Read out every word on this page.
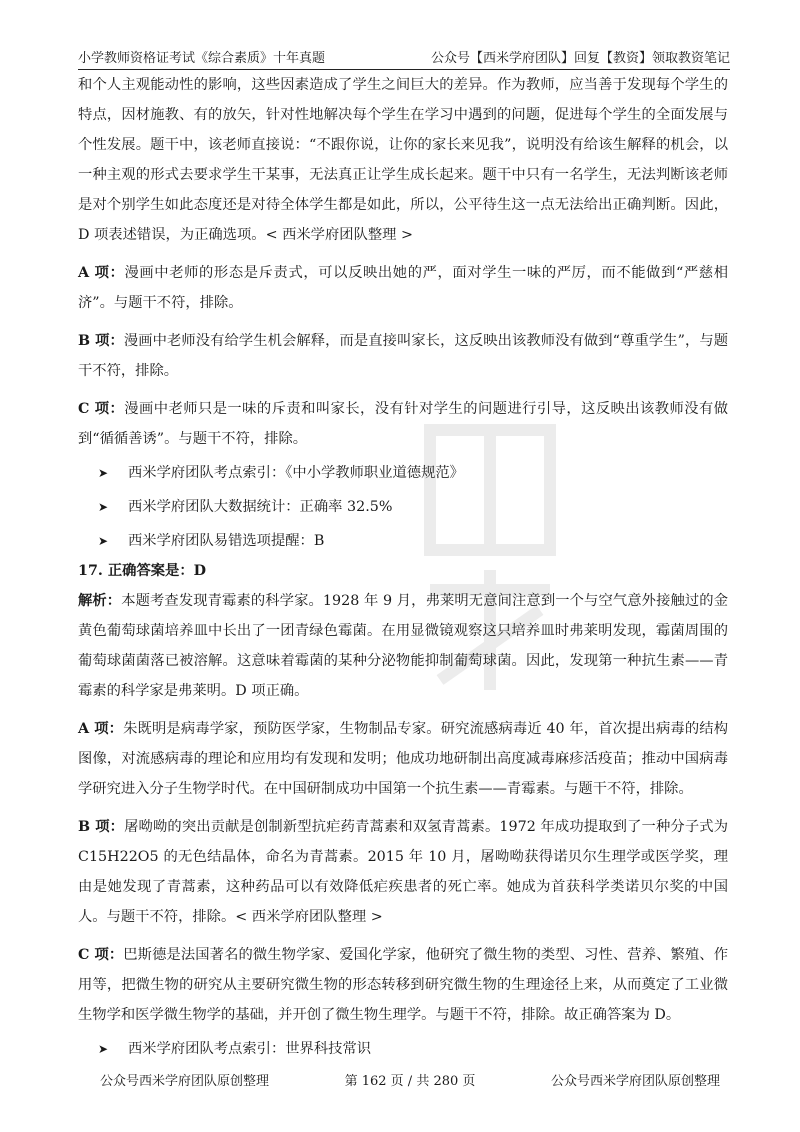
小学教师资格证考试《综合素质》十年真题	公众号【西米学府团队】回复【教资】领取教资笔记

和个人主观能动性的影响，这些因素造成了学生之间巨大的差异。作为教师，应当善于发现每个学生的特点，因材施教、有的放矢，针对性地解决每个学生在学习中遇到的问题，促进每个学生的全面发展与个性发展。题干中，该老师直接说：“不跟你说，让你的家长来见我”，说明没有给该生解释的机会，以一种主观的形式去要求学生干某事，无法真正让学生成长起来。题干中只有一名学生，无法判断该老师是对个别学生如此态度还是对待全体学生都是如此，所以，公平待生这一点无法给出正确判断。因此，D 项表述错误，为正确选项。< 西米学府团队整理 >

A 项：漫画中老师的形态是斥责式，可以反映出她的严，面对学生一味的严厉，而不能做到“严慈相济”。与题干不符，排除。

B 项：漫画中老师没有给学生机会解释，而是直接叫家长，这反映出该教师没有做到“尊重学生”，与题干不符，排除。

C 项：漫画中老师只是一味的斥责和叫家长，没有针对学生的问题进行引导，这反映出该教师没有做到“循循善诱”。与题干不符，排除。

➤	西米学府团队考点索引：《中小学教师职业道德规范》
➤	西米学府团队大数据统计：正确率 32.5%
➤	西米学府团队易错选项提醒：B

17. 正确答案是：D

解析：本题考查发现青霉素的科学家。1928 年 9 月，弗莱明无意间注意到一个与空气意外接触过的金黄色葡萄球菌培养皿中长出了一团青绿色霉菌。在用显微镜观察这只培养皿时弗莱明发现，霉菌周围的葡萄球菌菌落已被溶解。这意味着霉菌的某种分泌物能抑制葡萄球菌。因此，发现第一种抗生素——青霉素的科学家是弗莱明。D 项正确。

A 项：朱既明是病毒学家，预防医学家，生物制品专家。研究流感病毒近 40 年，首次提出病毒的结构图像，对流感病毒的理论和应用均有发现和发明；他成功地研制出高度减毒麻疹活疫苗；推动中国病毒学研究进入分子生物学时代。在中国研制成功中国第一个抗生素——青霉素。与题干不符，排除。

B 项：屠呦呦的突出贡献是创制新型抗疟药青蒿素和双氢青蒿素。1972 年成功提取到了一种分子式为 C15H22O5 的无色结晶体，命名为青蒿素。2015 年 10 月，屠呦呦获得诺贝尔生理学或医学奖，理由是她发现了青蒿素，这种药品可以有效降低疟疾患者的死亡率。她成为首获科学类诺贝尔奖的中国人。与题干不符，排除。< 西米学府团队整理 >

C 项：巴斯德是法国著名的微生物学家、爱国化学家，他研究了微生物的类型、习性、营养、繁殖、作用等，把微生物的研究从主要研究微生物的形态转移到研究微生物的生理途径上来，从而奠定了工业微生物学和医学微生物学的基础，并开创了微生物生理学。与题干不符，排除。故正确答案为 D。

➤	西米学府团队考点索引：世界科技常识
公众号西米学府团队原创整理	第 162 页 / 共 280 页	公众号西米学府团队原创整理
